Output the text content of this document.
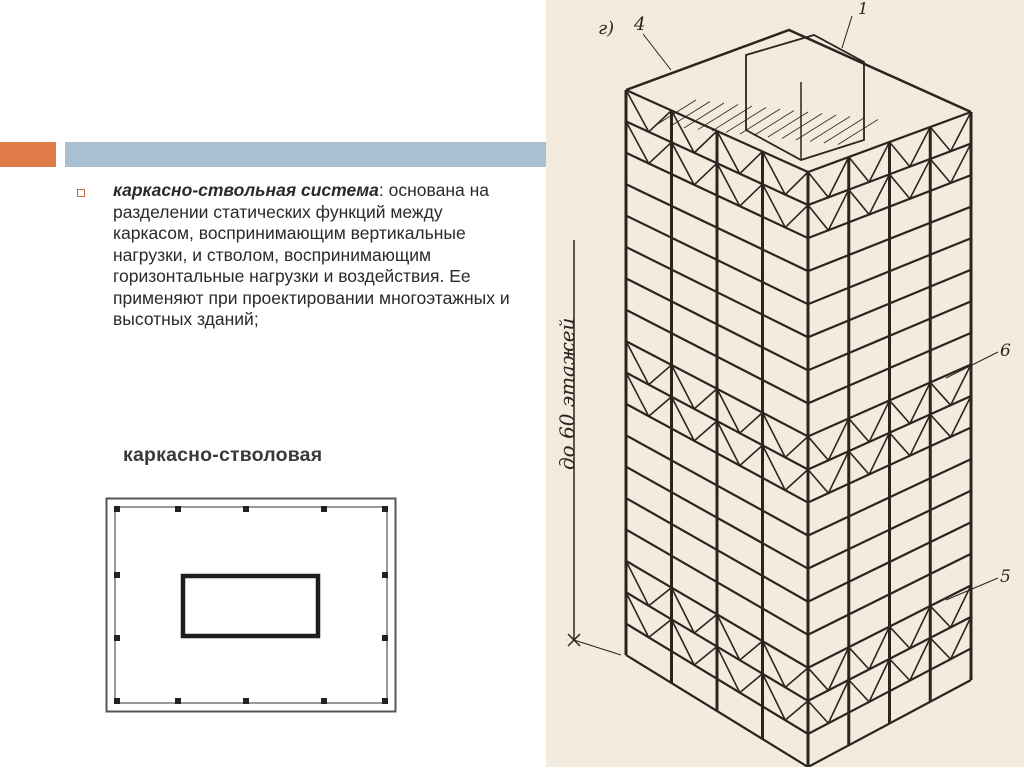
каркасно-ствольная система: основана на разделении статических функций между каркасом, воспринимающим вертикальные нагрузки, и стволом, воспринимающим горизонтальные нагрузки и воздействия. Ее применяют при проектировании многоэтажных и высотных зданий;
каркасно-стволовая
г) 4
1
6
5
до 60 этажей
